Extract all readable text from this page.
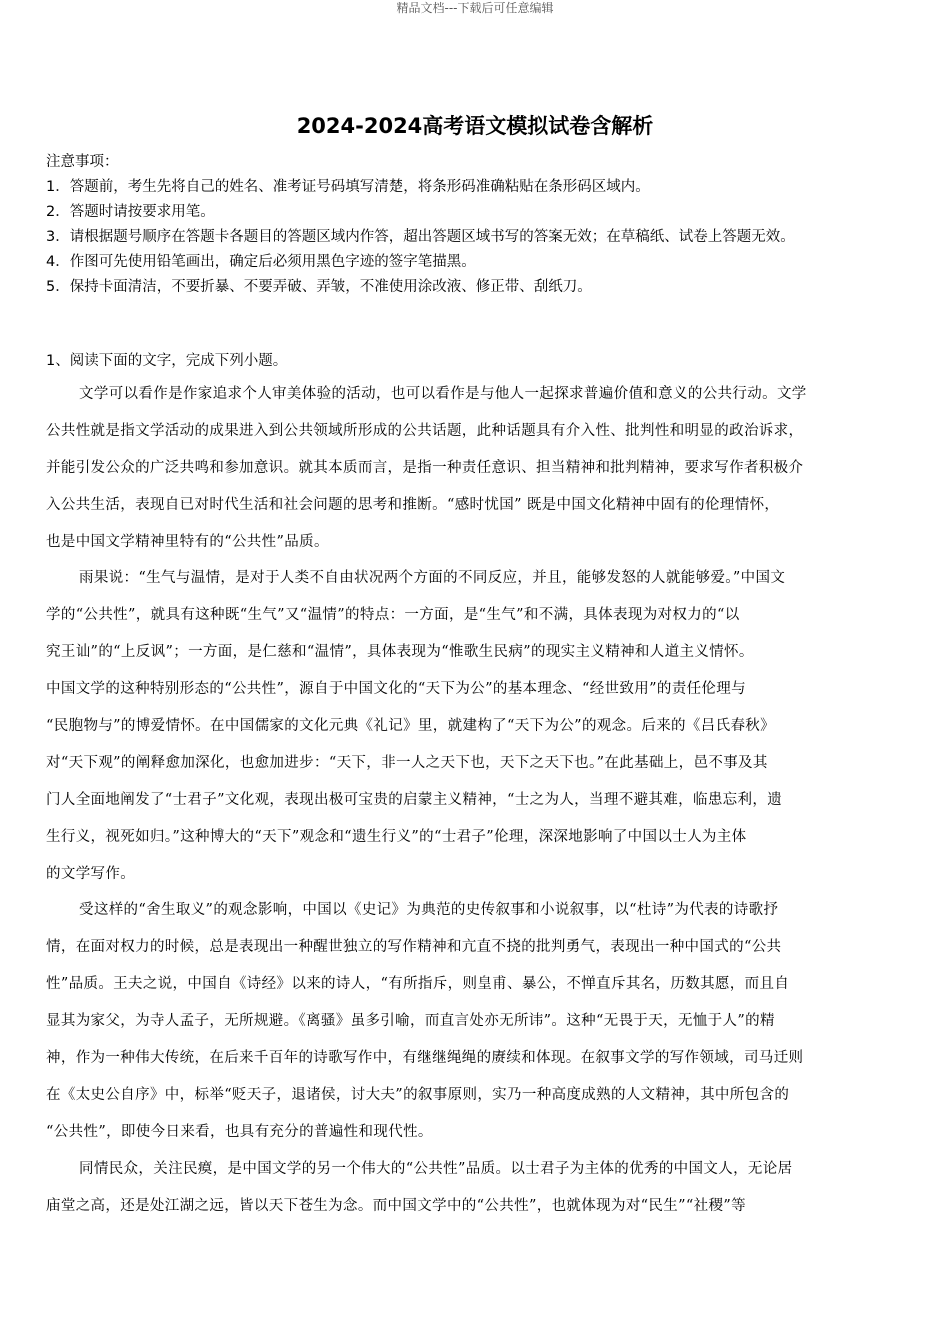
精品文档---下载后可任意编辑
2024-2024高考语文模拟试卷含解析
注意事项：
1．答题前，考生先将自己的姓名、准考证号码填写清楚，将条形码准确粘贴在条形码区域内。
2．答题时请按要求用笔。
3．请根据题号顺序在答题卡各题目的答题区域内作答，超出答题区域书写的答案无效；在草稿纸、试卷上答题无效。
4．作图可先使用铅笔画出，确定后必须用黑色字迹的签字笔描黑。
5．保持卡面清洁，不要折暴、不要弄破、弄皱，不准使用涂改液、修正带、刮纸刀。
1、阅读下面的文字，完成下列小题。
文学可以看作是作家追求个人审美体验的活动，也可以看作是与他人一起探求普遍价值和意义的公共行动。文学
公共性就是指文学活动的成果进入到公共领域所形成的公共话题，此种话题具有介入性、批判性和明显的政治诉求，
并能引发公众的广泛共鸣和参加意识。就其本质而言，是指一种责任意识、担当精神和批判精神，要求写作者积极介
入公共生活，表现自已对时代生活和社会问题的思考和推断。“感时忧国” 既是中国文化精神中固有的伦理情怀，
也是中国文学精神里特有的“公共性”品质。
雨果说：“生气与温情，是对于人类不自由状况两个方面的不同反应，并且，能够发怒的人就能够爱。”中国文
学的“公共性”，就具有这种既“生气”又“温情”的特点：一方面，是“生气”和不满，具体表现为对权力的“以
究王讪”的“上反讽”；一方面，是仁慈和“温情”，具体表现为“惟歌生民病”的现实主义精神和人道主义情怀。
中国文学的这种特别形态的“公共性”，源自于中国文化的“天下为公”的基本理念、“经世致用”的责任伦理与
“民胞物与”的博爱情怀。在中国儒家的文化元典《礼记》里，就建构了“天下为公”的观念。后来的《吕氏春秋》
对“天下观”的阐释愈加深化，也愈加进步：“天下，非一人之天下也，天下之天下也。”在此基础上，邑不事及其
门人全面地阐发了“士君子”文化观，表现出极可宝贵的启蒙主义精神，“士之为人，当理不避其难，临患忘利，遗
生行义，视死如归。”这种博大的“天下”观念和“遗生行义”的“士君子”伦理，深深地影响了中国以士人为主体
的文学写作。
受这样的“舍生取义”的观念影响，中国以《史记》为典范的史传叙事和小说叙事，以“杜诗”为代表的诗歌抒
情，在面对权力的时候，总是表现出一种醒世独立的写作精神和亢直不挠的批判勇气，表现出一种中国式的“公共
性”品质。王夫之说，中国自《诗经》以来的诗人，“有所指斥，则皇甫、暴公，不惮直斥其名，历数其愿，而且自
显其为家父，为寺人孟子，无所规避。《离骚》虽多引喻，而直言处亦无所讳”。这种“无畏于天，无恤于人”的精
神，作为一种伟大传统，在后来千百年的诗歌写作中，有继继绳绳的赓续和体现。在叙事文学的写作领域，司马迁则
在《太史公自序》中，标举“贬天子，退诸侯，讨大夫”的叙事原则，实乃一种高度成熟的人文精神，其中所包含的
“公共性”，即使今日来看，也具有充分的普遍性和现代性。
同情民众，关注民瘼，是中国文学的另一个伟大的“公共性”品质。以士君子为主体的优秀的中国文人，无论居
庙堂之高，还是处江湖之远，皆以天下苍生为念。而中国文学中的“公共性”，也就体现为对“民生”“社稷”等
